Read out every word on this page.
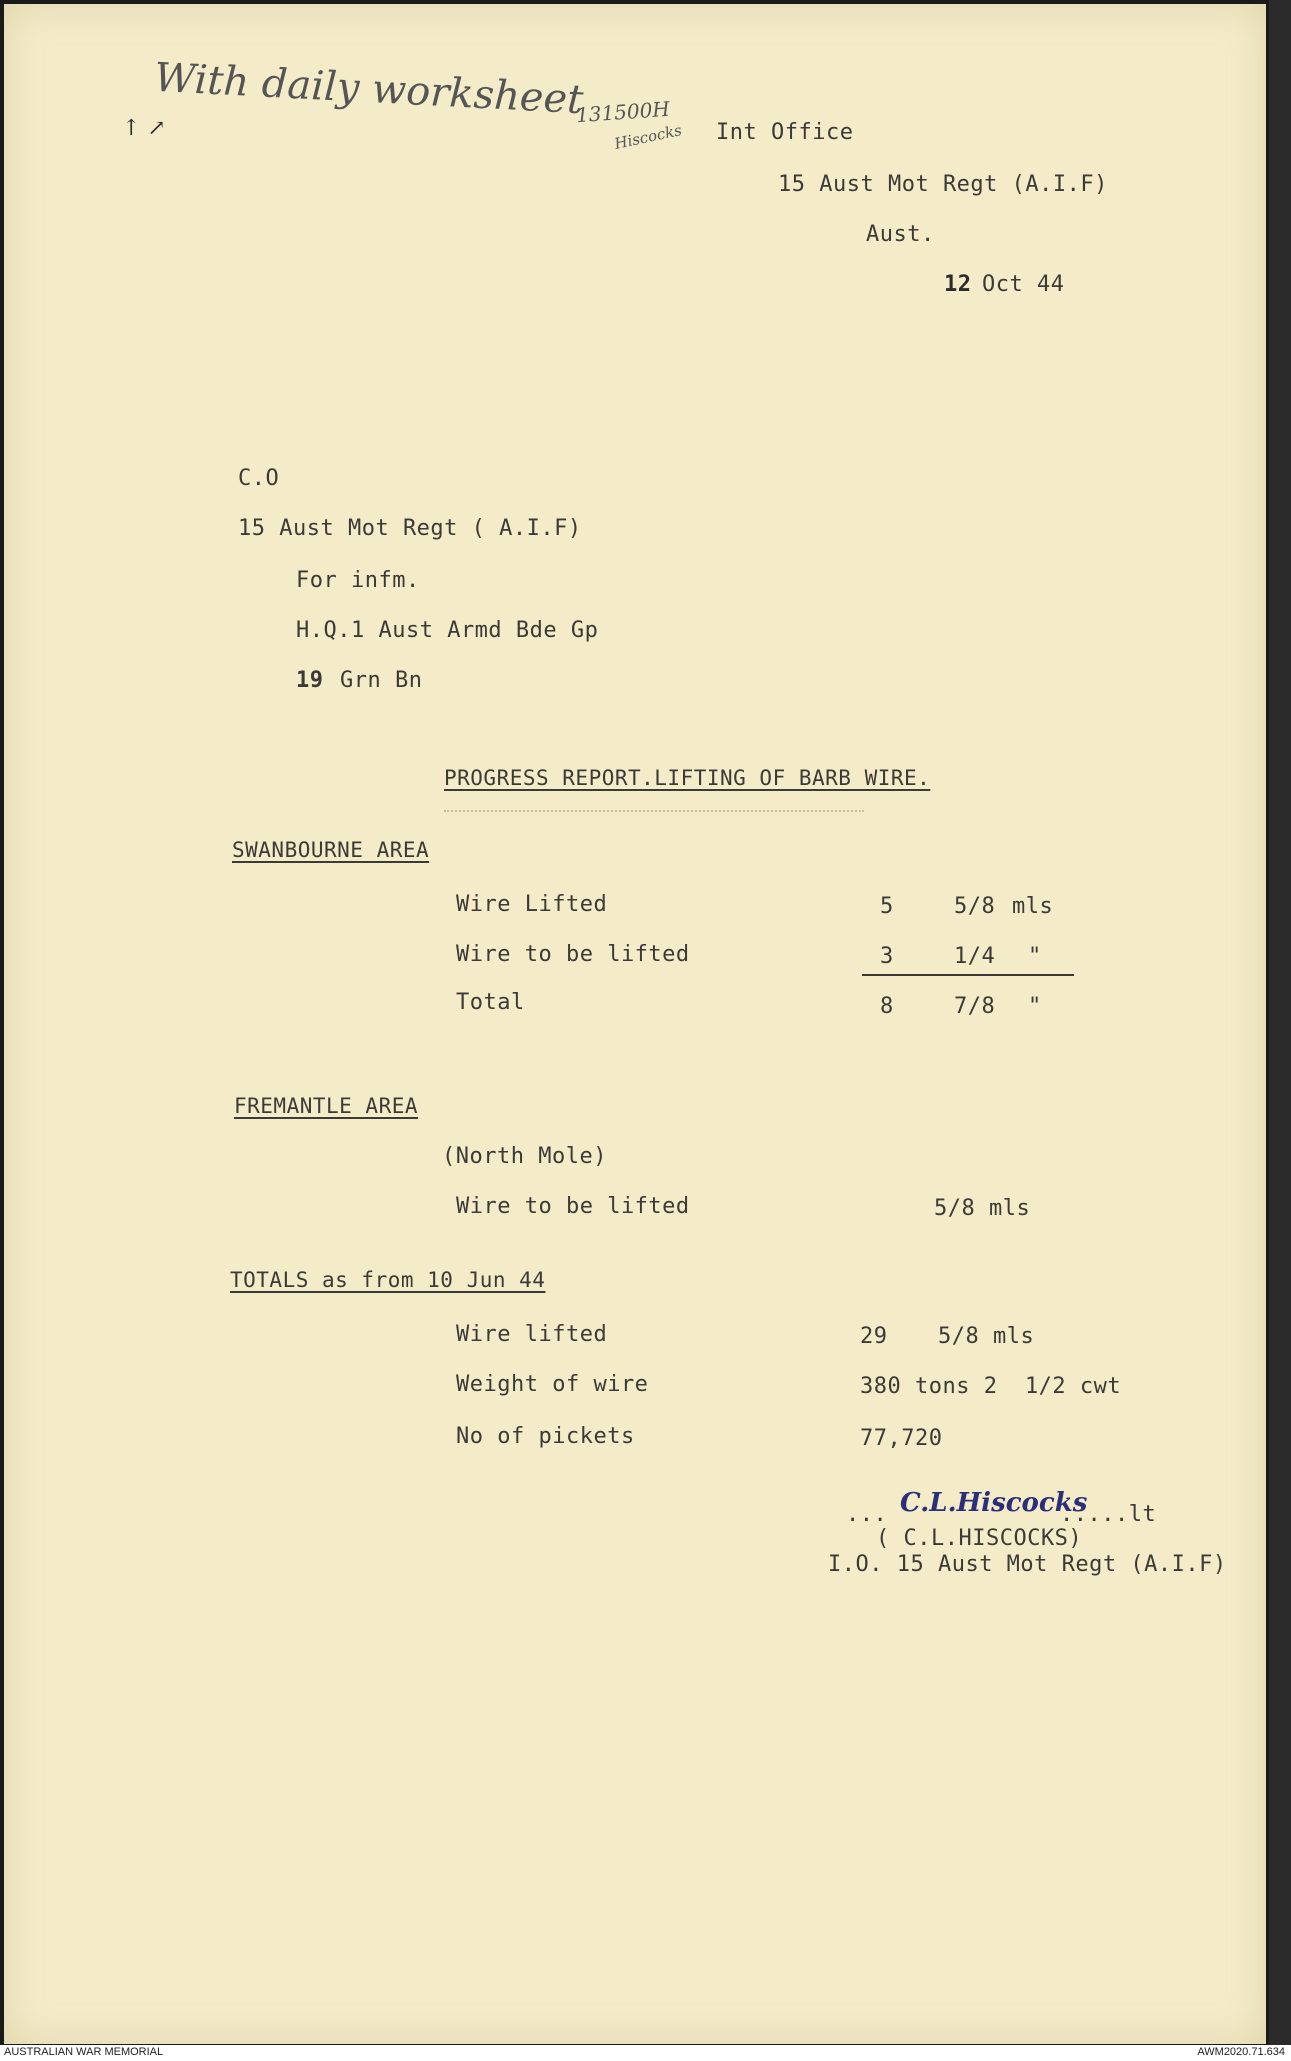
With daily worksheet
131500H
Hiscocks
↑ ↗	Int Office
15 Aust Mot Regt (A.I.F)
Aust.
12 Oct 44
C.O
15 Aust Mot Regt ( A.I.F)
For infm.
H.Q.1 Aust Armd Bde Gp
19 Grn Bn
PROGRESS REPORT.LIFTING OF BARB WIRE.
SWANBOURNE AREA
Wire Lifted	5	5/8 mls
Wire to be lifted	3	1/4 "
Total	8	7/8 "
FREMANTLE AREA
(North Mole)
Wire to be lifted	5/8 mls
TOTALS as from 10 Jun 44
Wire lifted	29 5/8 mls
Weight of wire	380 tons 2  1/2 cwt
No of pickets	77,720
... C.L.Hiscocks
.....lt
( C.L.HISCOCKS)
I.O. 15 Aust Mot Regt (A.I.F)
AUSTRALIAN WAR MEMORIAL	AWM2020.71.634
